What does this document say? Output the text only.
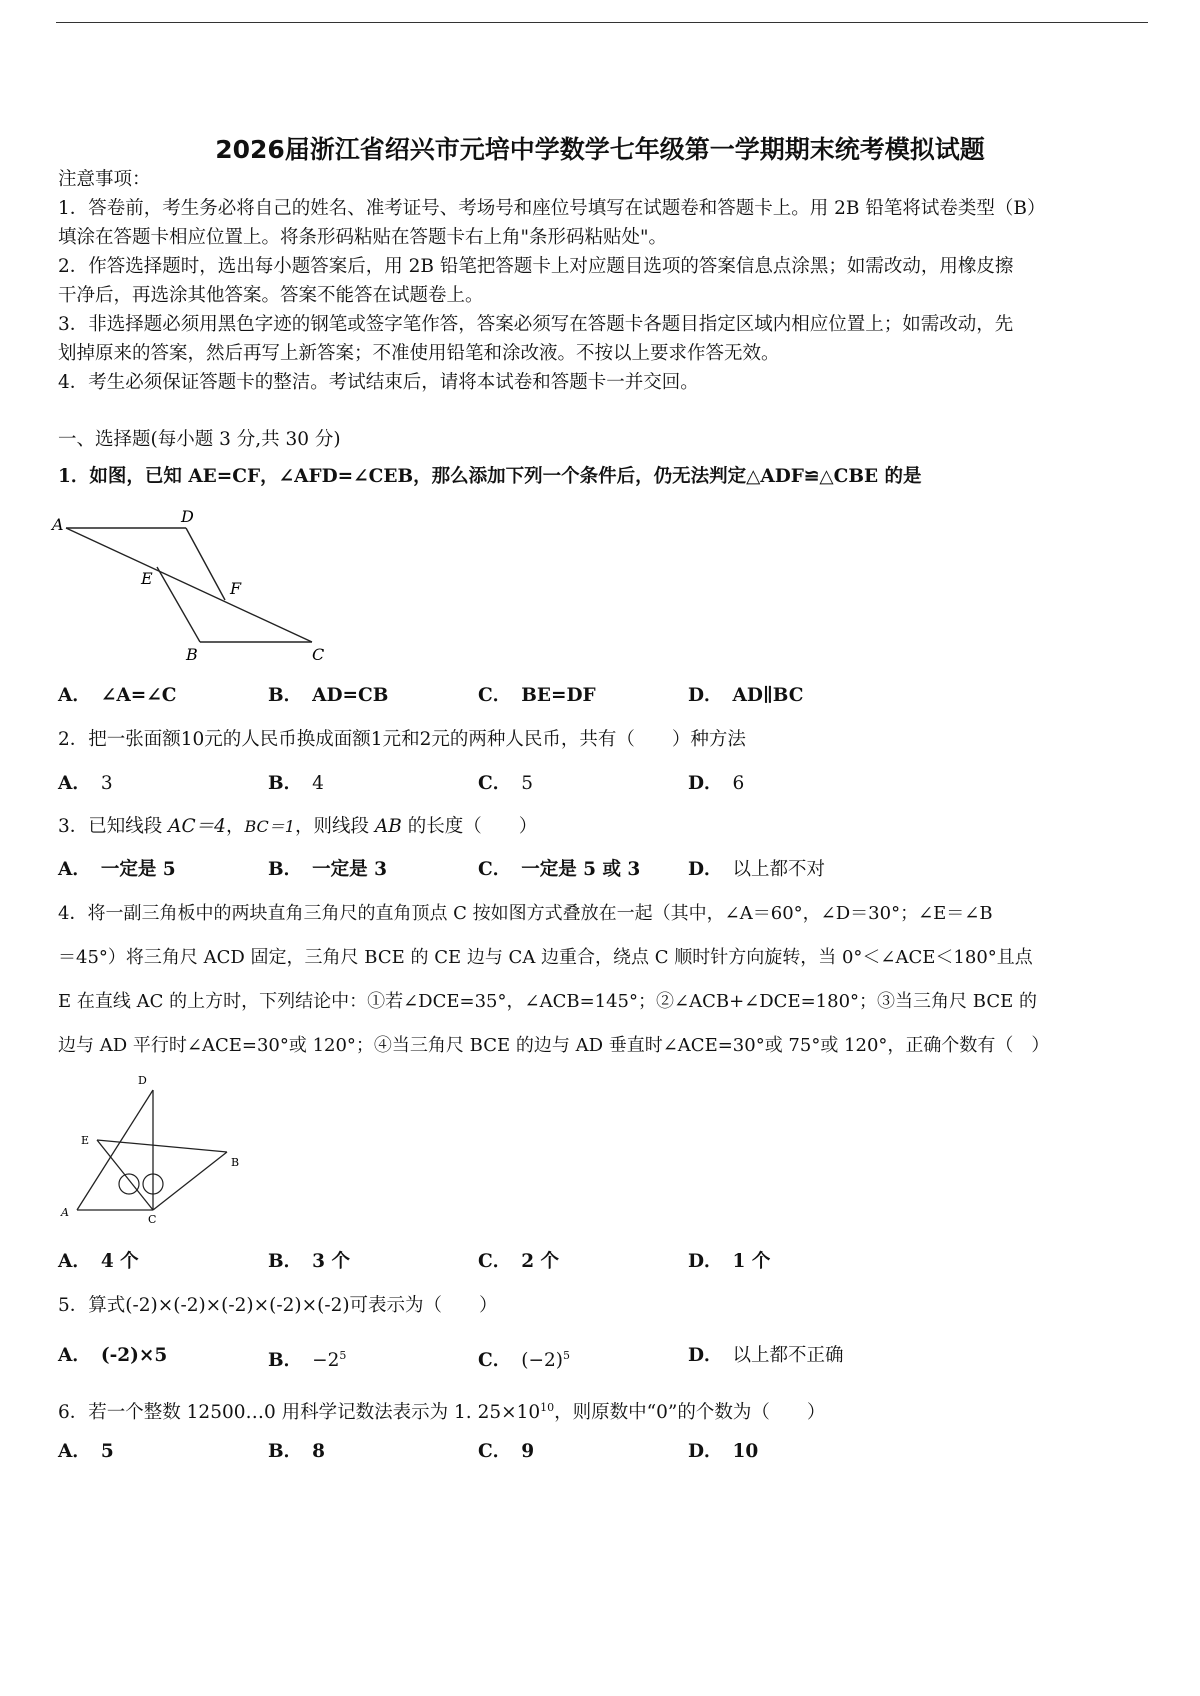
2026届浙江省绍兴市元培中学数学七年级第一学期期末统考模拟试题
注意事项：
1．答卷前，考生务必将自己的姓名、准考证号、考场号和座位号填写在试题卷和答题卡上。用 2B 铅笔将试卷类型（B）
填涂在答题卡相应位置上。将条形码粘贴在答题卡右上角"条形码粘贴处"。
2．作答选择题时，选出每小题答案后，用 2B 铅笔把答题卡上对应题目选项的答案信息点涂黑；如需改动，用橡皮擦
干净后，再选涂其他答案。答案不能答在试题卷上。
3．非选择题必须用黑色字迹的钢笔或签字笔作答，答案必须写在答题卡各题目指定区域内相应位置上；如需改动，先
划掉原来的答案，然后再写上新答案；不准使用铅笔和涂改液。不按以上要求作答无效。
4．考生必须保证答题卡的整洁。考试结束后，请将本试卷和答题卡一并交回。
一、选择题(每小题 3 分,共 30 分)
1．如图，已知 AE=CF，∠AFD=∠CEB，那么添加下列一个条件后，仍无法判定△ADF≌△CBE 的是
A	D
E
F
B	C
A． ∠A=∠C	B． AD=CB	C． BE=DF	D． AD∥BC
2．把一张面额10元的人民币换成面额1元和2元的两种人民币，共有（　　）种方法
A． 3	B． 4	C． 5	D． 6
3．已知线段 AC＝4，BC＝1，则线段 AB 的长度（　　）
A． 一定是 5	B． 一定是 3	C． 一定是 5 或 3	D． 以上都不对
4．将一副三角板中的两块直角三角尺的直角顶点 C 按如图方式叠放在一起（其中，∠A＝60°，∠D＝30°；∠E＝∠B
＝45°）将三角尺 ACD 固定，三角尺 BCE 的 CE 边与 CA 边重合，绕点 C 顺时针方向旋转，当 0°＜∠ACE＜180°且点
E 在直线 AC 的上方时，下列结论中：①若∠DCE=35°，∠ACB=145°；②∠ACB+∠DCE=180°；③当三角尺 BCE 的
边与 AD 平行时∠ACE=30°或 120°；④当三角尺 BCE 的边与 AD 垂直时∠ACE=30°或 75°或 120°，正确个数有（　）
D
E
B
A
C
A． 4 个	B． 3 个	C． 2 个	D． 1 个
5．算式(-2)×(-2)×(-2)×(-2)×(-2)可表示为（　　）
A． (-2)×5	B． $-2^5$	C． $(-2)^5$	D． 以上都不正确
6．若一个整数 12500…0 用科学记数法表示为 1. $25\times 10^{10}$，则原数中“0”的个数为（　　）
A． 5	B． 8	C． 9	D． 10
